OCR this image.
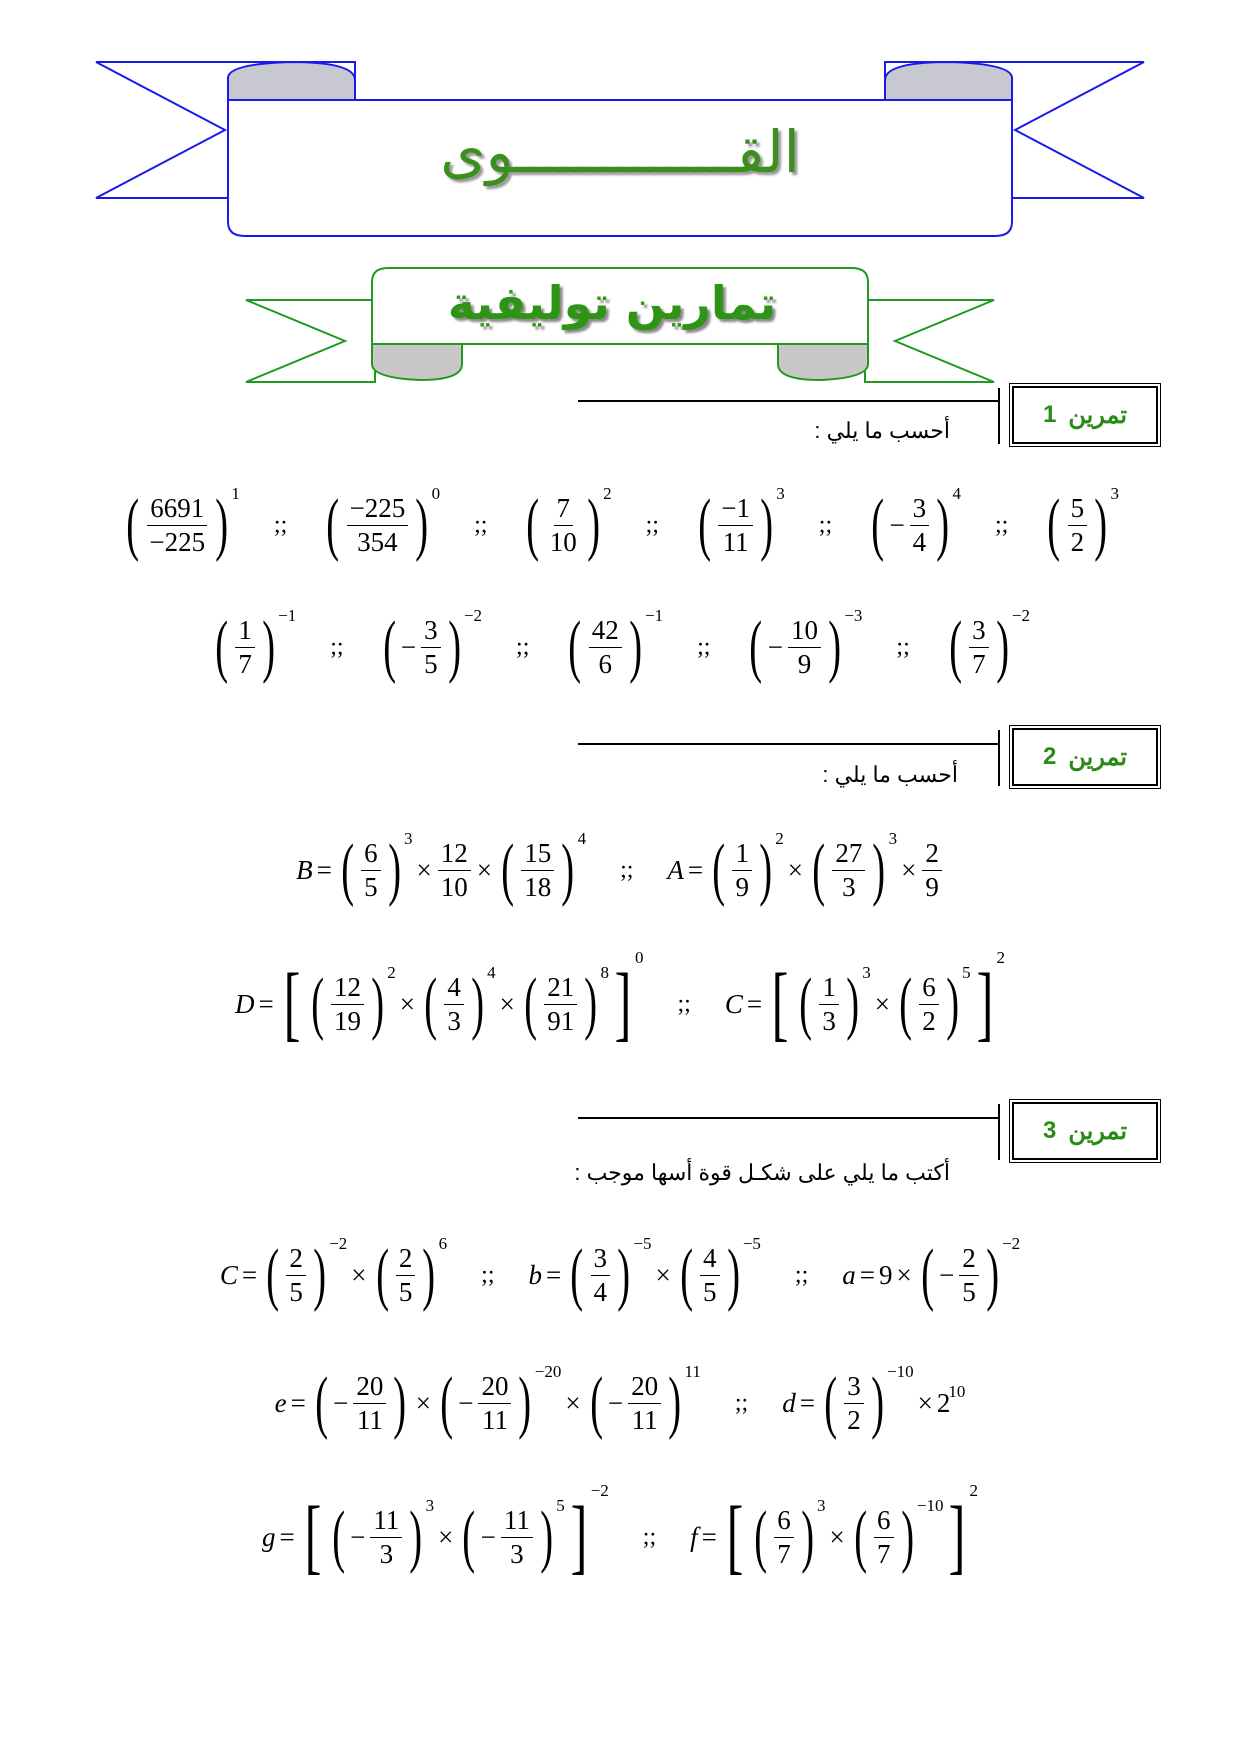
القـــــــــــــوى
تمارين توليفية
تمرين
1
أحسب ما يلي :
( $\frac{6691}{-225}$ ) 1
;; ( $\frac{-225}{354}$ ) 0
;; ( $\frac{7}{10}$ ) 2
;; ( $\frac{-1}{11}$ ) 3
;; ( − $\frac{3}{4}$ ) 4
;; ( $\frac{5}{2}$ ) 3
( $\frac{1}{7}$ ) −1
;; ( − $\frac{3}{5}$ ) −2
;; ( $\frac{42}{6}$ ) −1
;; ( − $\frac{10}{9}$ ) −3
;; ( $\frac{3}{7}$ ) −2
تمرين
2
أحسب ما يلي :
B = ( $\frac{6}{5}$ ) 3
× $\frac{12}{10}$ × ( $\frac{15}{18}$ ) 4
;; A = ( $\frac{1}{9}$ ) 2
× ( $\frac{27}{3}$ ) 3
× $\frac{2}{9}$
D = [ ( $\frac{12}{19}$ ) 2
× ( $\frac{4}{3}$ ) 4
× ( $\frac{21}{91}$ ) 8 ] 0
;; C = [ ( $\frac{1}{3}$ ) 3
× ( $\frac{6}{2}$ ) 5 ] 2
تمرين
3
أكتب ما يلي على شكـل قوة أسها موجب :
C = ( $\frac{2}{5}$ ) −2
× ( $\frac{2}{5}$ ) 6
;; b = ( $\frac{3}{4}$ ) −5
× ( $\frac{4}{5}$ ) −5
;; a = 9 × ( − $\frac{2}{5}$ ) −2
e = ( − $\frac{20}{11}$ ) × ( − $\frac{20}{11}$ ) −20
× ( − $\frac{20}{11}$ ) 11
;; d = ( $\frac{3}{2}$ ) −10
× 2
10
g = [ ( − $\frac{11}{3}$ ) 3
× ( − $\frac{11}{3}$ ) 5 ] −2
;; f = [ ( $\frac{6}{7}$ ) 3
× ( $\frac{6}{7}$ ) −10 ] 2
